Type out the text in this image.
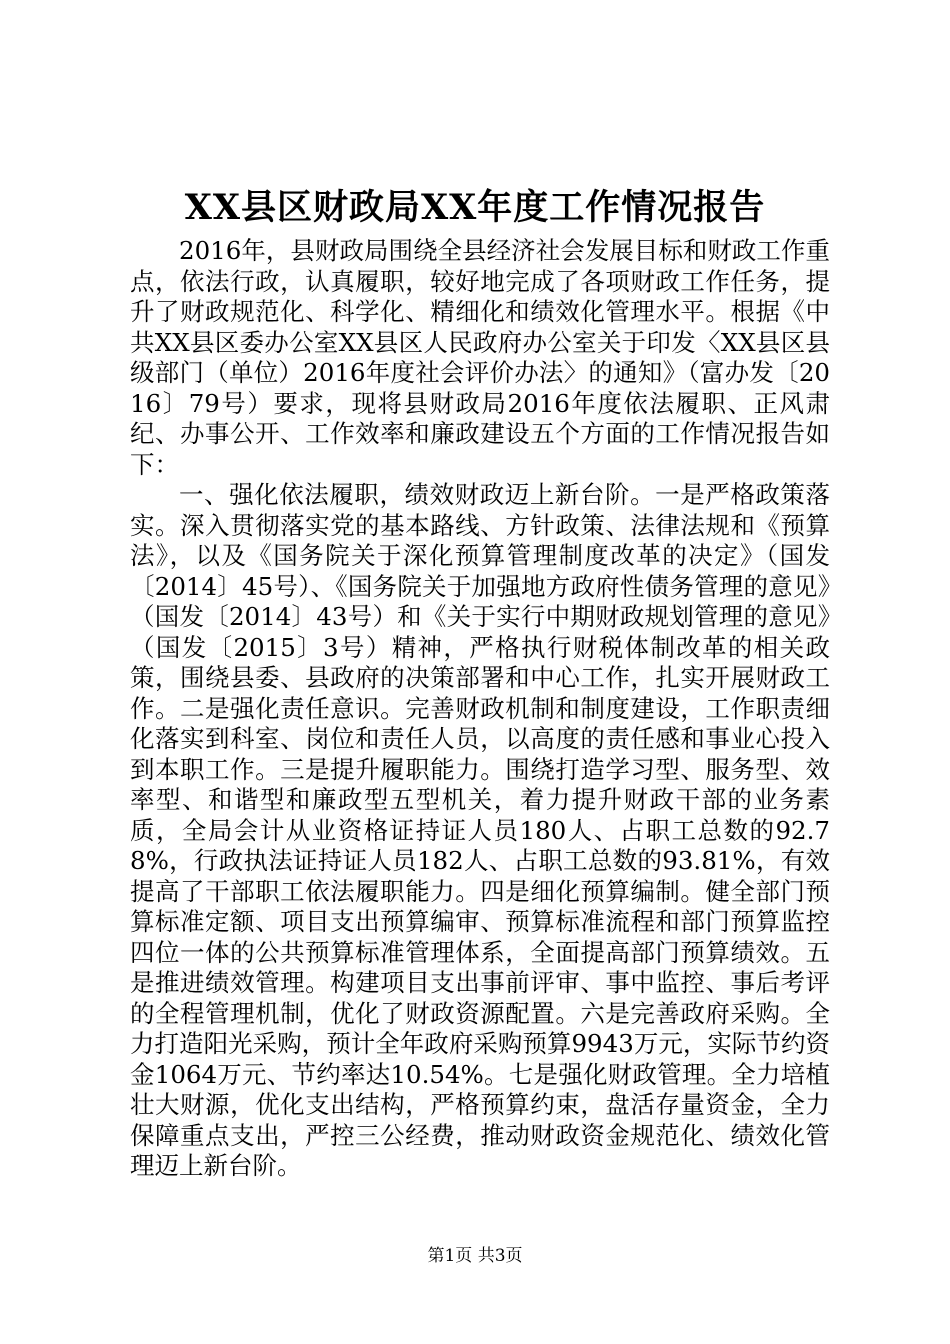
XX县区财政局XX年度工作情况报告

2016年，县财政局围绕全县经济社会发展目标和财政工作重点，依法行政，认真履职，较好地完成了各项财政工作任务，提升了财政规范化、科学化、精细化和绩效化管理水平。根据《中共XX县区委办公室XX县区人民政府办公室关于印发〈XX县区县级部门（单位）2016年度社会评价办法〉的通知》（富办发〔2016〕79号）要求，现将县财政局2016年度依法履职、正风肃纪、办事公开、工作效率和廉政建设五个方面的工作情况报告如下：

一、强化依法履职，绩效财政迈上新台阶。一是严格政策落实。深入贯彻落实党的基本路线、方针政策、法律法规和《预算法》，以及《国务院关于深化预算管理制度改革的决定》（国发〔2014〕45号）、《国务院关于加强地方政府性债务管理的意见》（国发〔2014〕43号）和《关于实行中期财政规划管理的意见》（国发〔2015〕3号）精神，严格执行财税体制改革的相关政策，围绕县委、县政府的决策部署和中心工作，扎实开展财政工作。二是强化责任意识。完善财政机制和制度建设，工作职责细化落实到科室、岗位和责任人员，以高度的责任感和事业心投入到本职工作。三是提升履职能力。围绕打造学习型、服务型、效率型、和谐型和廉政型五型机关，着力提升财政干部的业务素质，全局会计从业资格证持证人员180人、占职工总数的92.78%，行政执法证持证人员182人、占职工总数的93.81%，有效提高了干部职工依法履职能力。四是细化预算编制。健全部门预算标准定额、项目支出预算编审、预算标准流程和部门预算监控四位一体的公共预算标准管理体系，全面提高部门预算绩效。五是推进绩效管理。构建项目支出事前评审、事中监控、事后考评的全程管理机制，优化了财政资源配置。六是完善政府采购。全力打造阳光采购，预计全年政府采购预算9943万元，实际节约资金1064万元、节约率达10.54%。七是强化财政管理。全力培植壮大财源，优化支出结构，严格预算约束，盘活存量资金，全力保障重点支出，严控三公经费，推动财政资金规范化、绩效化管理迈上新台阶。

第1页 共3页
